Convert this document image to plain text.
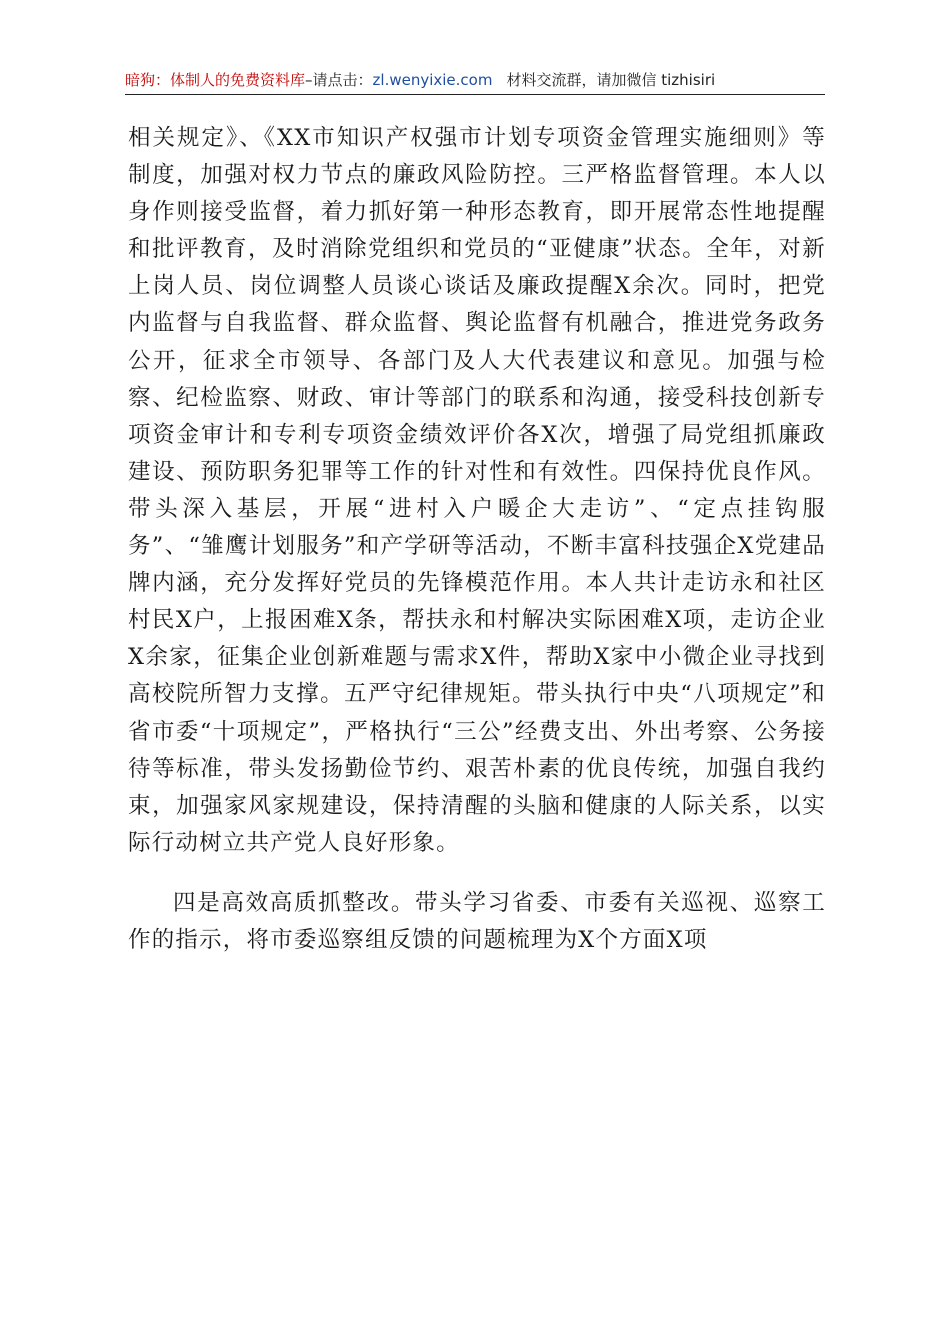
暗狗：体制人的免费资料库–请点击：zl.wenyixie.com 材料交流群，请加微信 tizhisiri

相关规定》、《XX市知识产权强市计划专项资金管理实施细则》等制度，加强对权力节点的廉政风险防控。三严格监督管理。本人以身作则接受监督，着力抓好第一种形态教育，即开展常态性地提醒和批评教育，及时消除党组织和党员的“亚健康”状态。全年，对新上岗人员、岗位调整人员谈心谈话及廉政提醒X余次。同时，把党内监督与自我监督、群众监督、舆论监督有机融合，推进党务政务公开，征求全市领导、各部门及人大代表建议和意见。加强与检察、纪检监察、财政、审计等部门的联系和沟通，接受科技创新专项资金审计和专利专项资金绩效评价各X次，增强了局党组抓廉政建设、预防职务犯罪等工作的针对性和有效性。四保持优良作风。带头深入基层，开展“进村入户暖企大走访”、“定点挂钩服务”、“雏鹰计划服务”和产学研等活动，不断丰富科技强企X党建品牌内涵，充分发挥好党员的先锋模范作用。本人共计走访永和社区村民X户，上报困难X条，帮扶永和村解决实际困难X项，走访企业X余家，征集企业创新难题与需求X件，帮助X家中小微企业寻找到高校院所智力支撑。五严守纪律规矩。带头执行中央“八项规定”和省市委“十项规定”，严格执行“三公”经费支出、外出考察、公务接待等标准，带头发扬勤俭节约、艰苦朴素的优良传统，加强自我约束，加强家风家规建设，保持清醒的头脑和健康的人际关系，以实际行动树立共产党人良好形象。

四是高效高质抓整改。带头学习省委、市委有关巡视、巡察工作的指示，将市委巡察组反馈的问题梳理为X个方面X项
